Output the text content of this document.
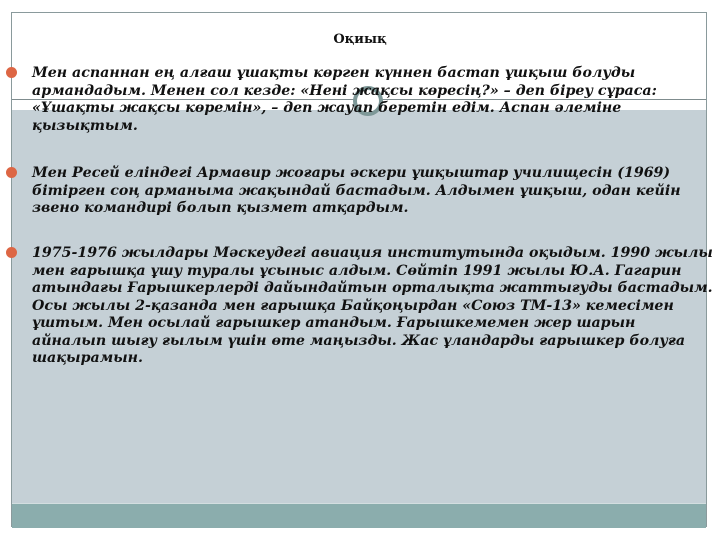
Оқиық
Мен аспаннан ең алғаш ұшақты көрген күннен бастап ұшқыш болуды
армандадым. Менен сол кезде: «Нені жақсы көресің?» – деп біреу сұраса:
«Ұшақты жақсы көремін», – деп жауап беретін едім. Аспан әлеміне
қызықтым.
Мен Ресей еліндегі Армавир жоғары әскери ұшқыштар училищесін (1969)
бітірген соң арманыма жақындай бастадым. Алдымен ұшқыш, одан кейін
звено командирі болып қызмет атқардым.
1975-1976 жылдары Мәскеудегі авиация институтында оқыдым. 1990 жылы
мен ғарышқа ұшу туралы ұсыныс алдым. Сөйтіп 1991 жылы Ю.А. Гагарин
атындағы Ғарышкерлерді дайындайтын орталықта жаттығуды бастадым.
Осы жылы 2-қазанда мен ғарышқа Байқоңырдан «Союз ТМ-13» кемесімен
ұштым. Мен осылай ғарышкер атандым. Ғарышкемемен жер шарын
айналып шығу ғылым үшін өте маңызды. Жас ұландарды ғарышкер болуға
шақырамын.
